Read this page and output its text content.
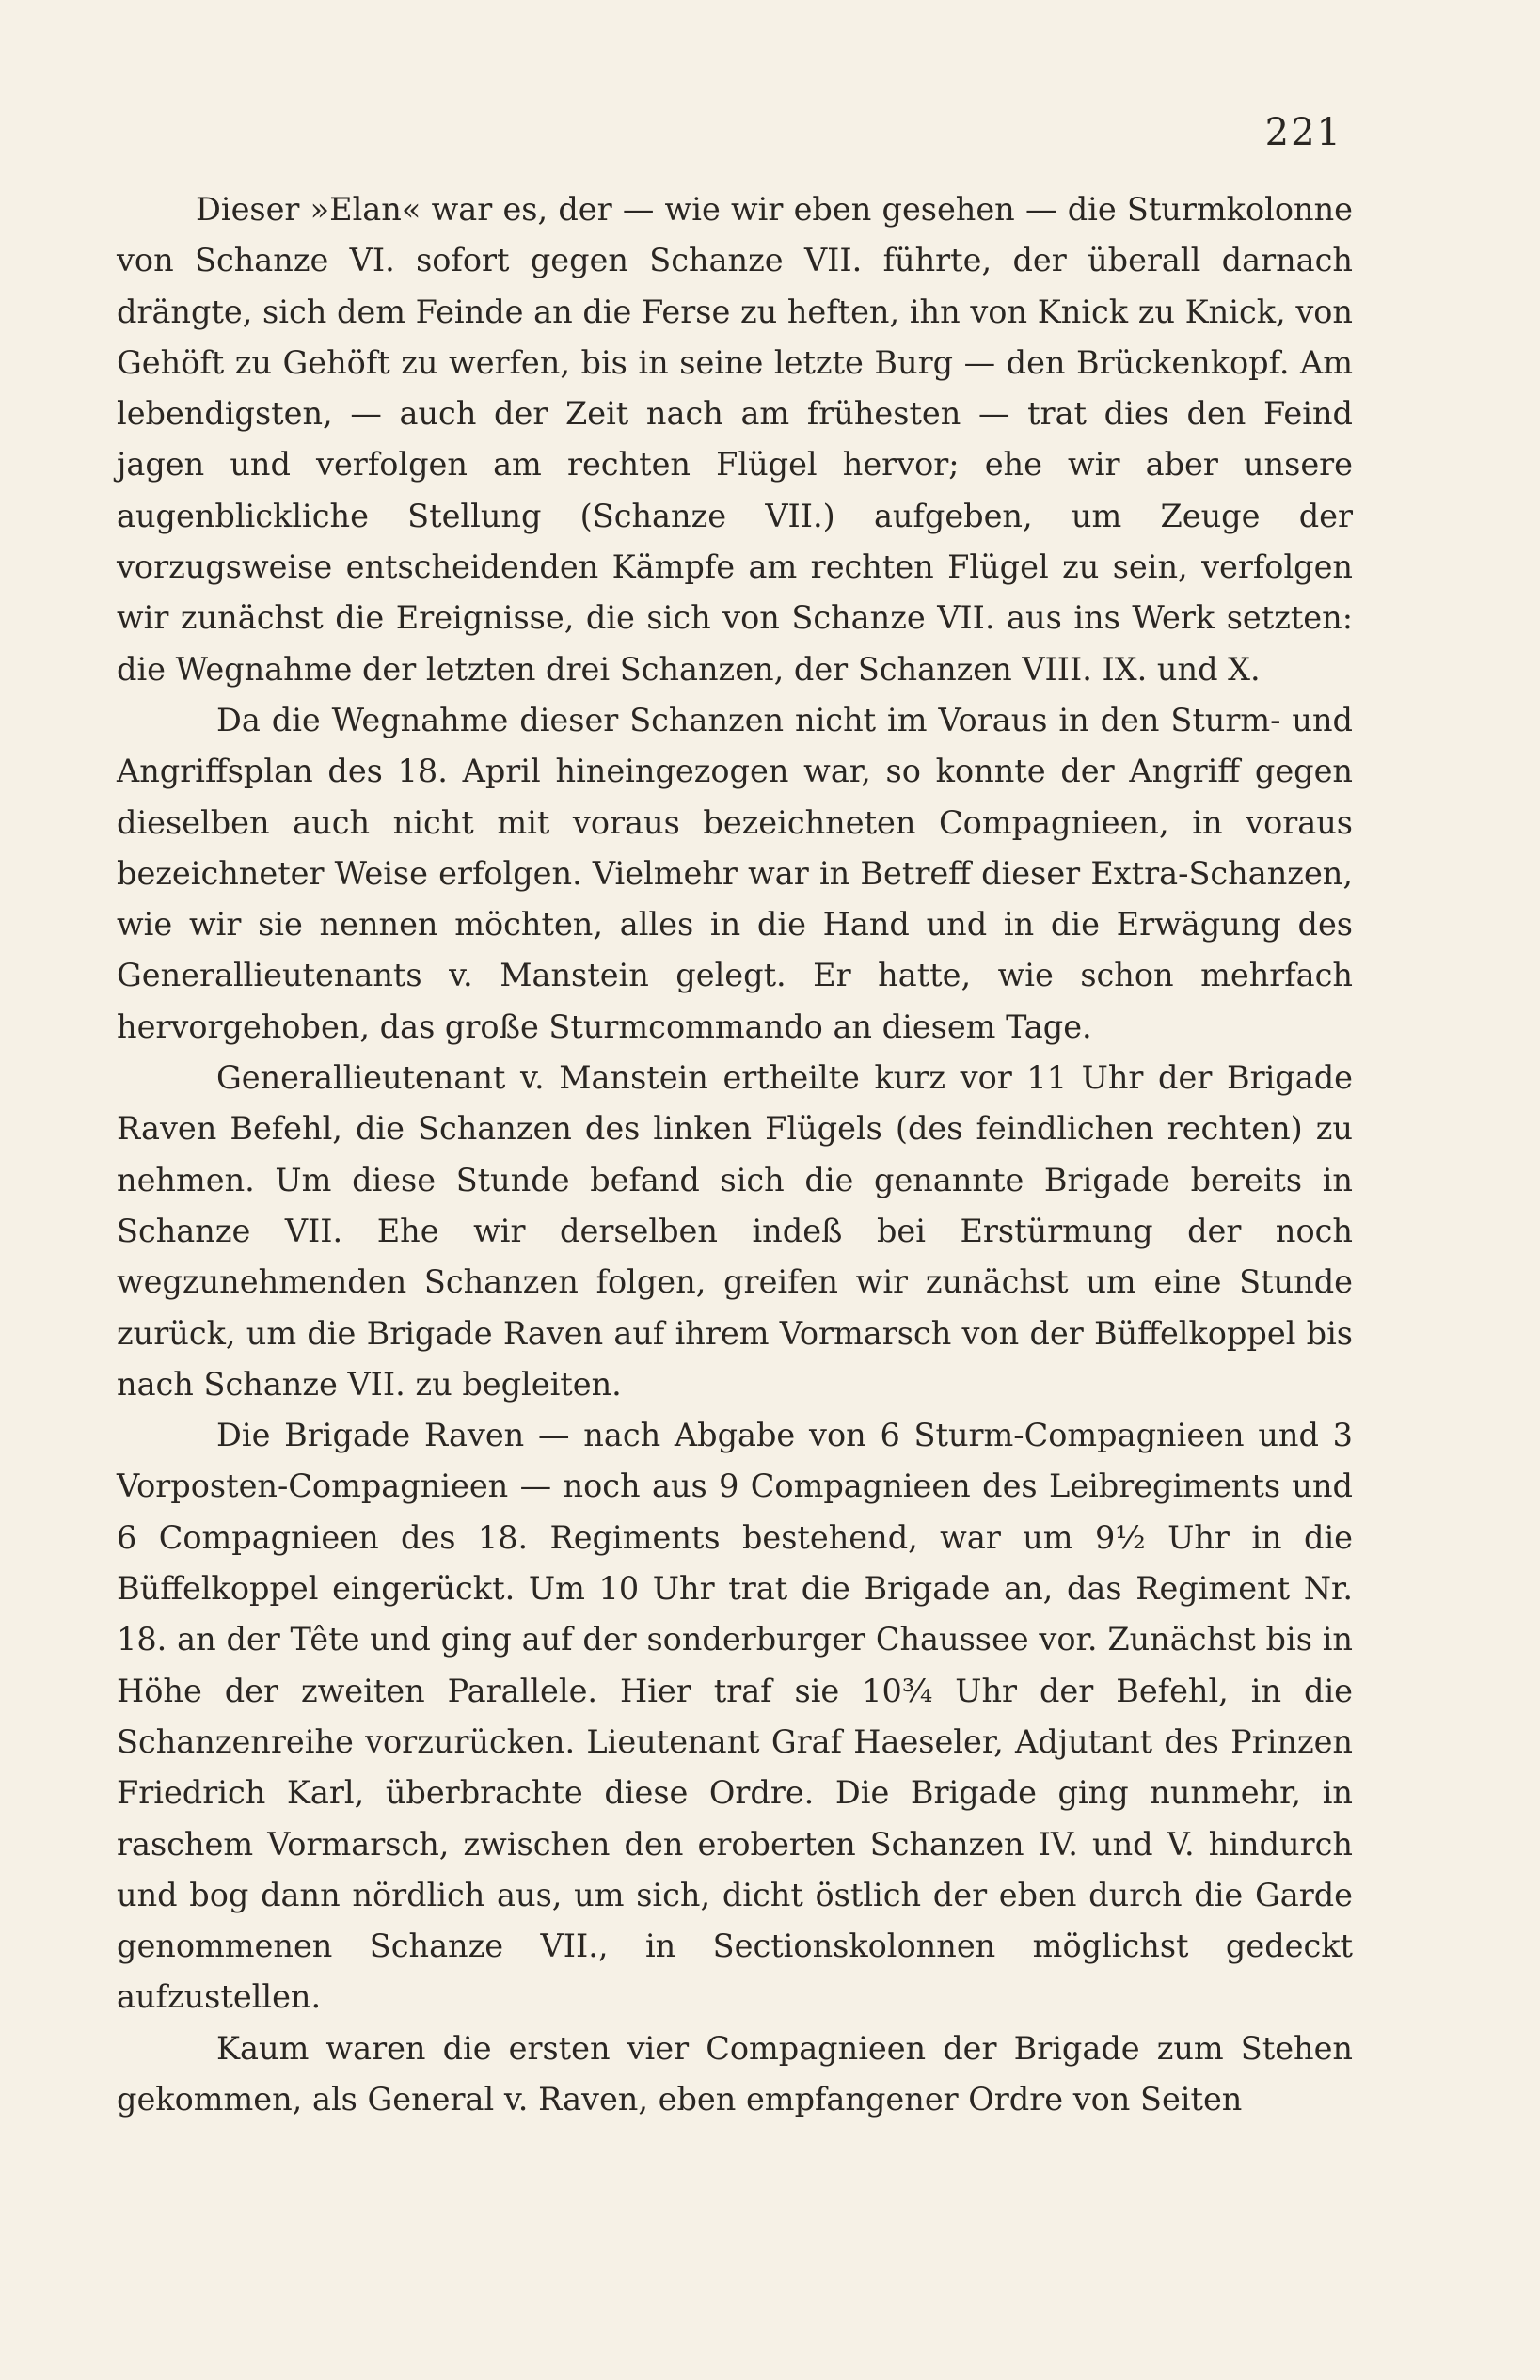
221

Dieser »Elan« war es, der — wie wir eben gesehen — die Sturmkolonne von Schanze VI. sofort gegen Schanze VII. führte, der überall darnach drängte, sich dem Feinde an die Ferse zu heften, ihn von Knick zu Knick, von Gehöft zu Gehöft zu werfen, bis in seine letzte Burg — den Brückenkopf. Am lebendigsten, — auch der Zeit nach am frühesten — trat dies den Feind jagen und verfolgen am rechten Flügel hervor; ehe wir aber unsere augenblickliche Stellung (Schanze VII.) aufgeben, um Zeuge der vorzugsweise entscheidenden Kämpfe am rechten Flügel zu sein, verfolgen wir zunächst die Ereignisse, die sich von Schanze VII. aus ins Werk setzten: die Wegnahme der letzten drei Schanzen, der Schanzen VIII. IX. und X.

Da die Wegnahme dieser Schanzen nicht im Voraus in den Sturm- und Angriffsplan des 18. April hineingezogen war, so konnte der Angriff gegen dieselben auch nicht mit voraus bezeichneten Compagnieen, in voraus bezeichneter Weise erfolgen. Vielmehr war in Betreff dieser Extra-Schanzen, wie wir sie nennen möchten, alles in die Hand und in die Erwägung des Generallieutenants v. Manstein gelegt. Er hatte, wie schon mehrfach hervorgehoben, das große Sturmcommando an diesem Tage.

Generallieutenant v. Manstein ertheilte kurz vor 11 Uhr der Brigade Raven Befehl, die Schanzen des linken Flügels (des feindlichen rechten) zu nehmen. Um diese Stunde befand sich die genannte Brigade bereits in Schanze VII. Ehe wir derselben indeß bei Erstürmung der noch wegzunehmenden Schanzen folgen, greifen wir zunächst um eine Stunde zurück, um die Brigade Raven auf ihrem Vormarsch von der Büffelkoppel bis nach Schanze VII. zu begleiten.

Die Brigade Raven — nach Abgabe von 6 Sturm-Compagnieen und 3 Vorposten-Compagnieen — noch aus 9 Compagnieen des Leibregiments und 6 Compagnieen des 18. Regiments bestehend, war um 9½ Uhr in die Büffelkoppel eingerückt. Um 10 Uhr trat die Brigade an, das Regiment Nr. 18. an der Tête und ging auf der sonderburger Chaussee vor. Zunächst bis in Höhe der zweiten Parallele. Hier traf sie 10¾ Uhr der Befehl, in die Schanzenreihe vorzurücken. Lieutenant Graf Haeseler, Adjutant des Prinzen Friedrich Karl, überbrachte diese Ordre. Die Brigade ging nunmehr, in raschem Vormarsch, zwischen den eroberten Schanzen IV. und V. hindurch und bog dann nördlich aus, um sich, dicht östlich der eben durch die Garde genommenen Schanze VII., in Sectionskolonnen möglichst gedeckt aufzustellen.

Kaum waren die ersten vier Compagnieen der Brigade zum Stehen gekommen, als General v. Raven, eben empfangener Ordre von Seiten
